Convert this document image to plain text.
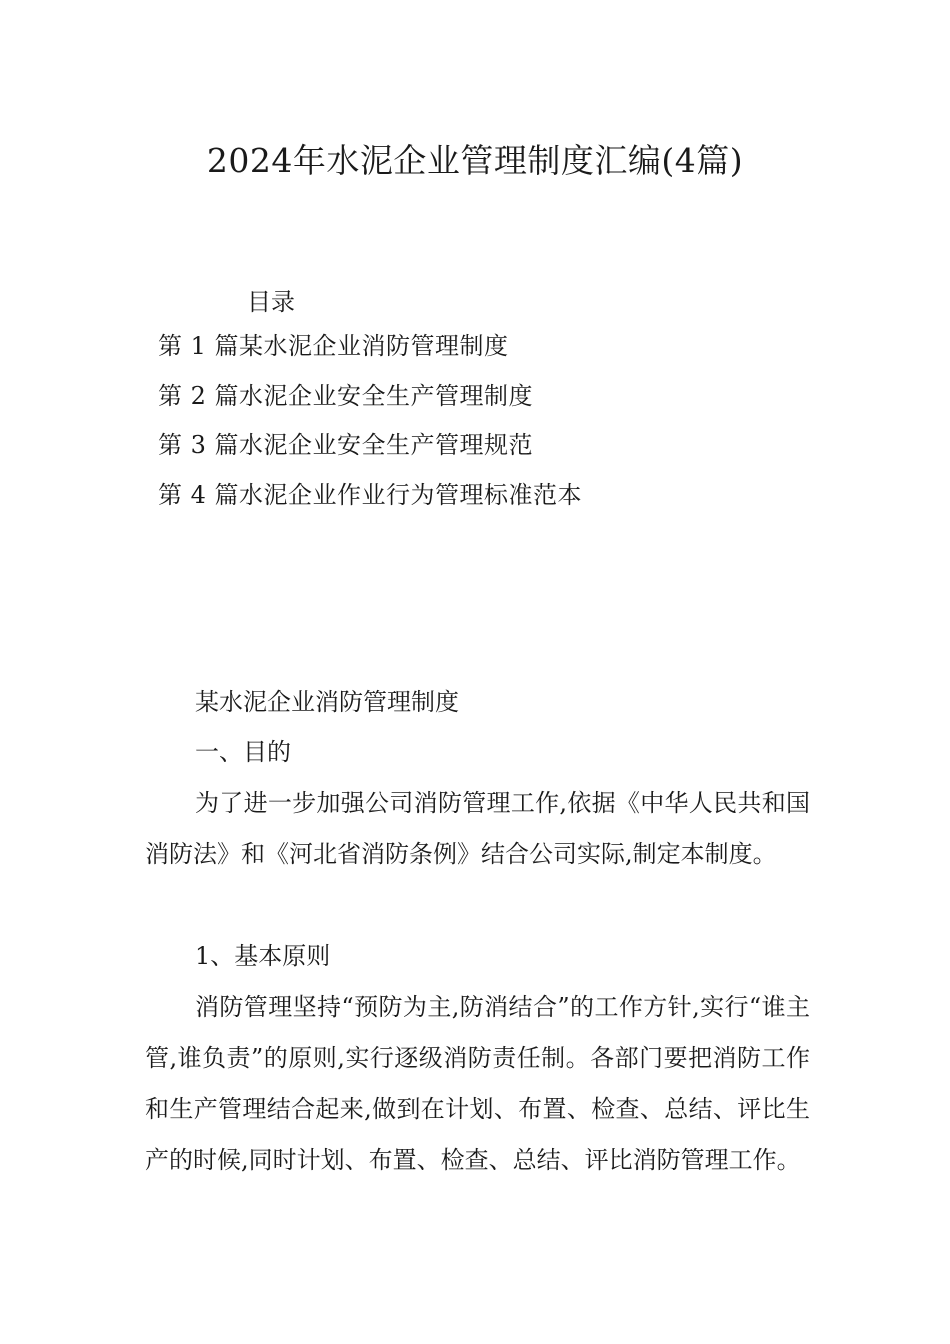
2024年水泥企业管理制度汇编(4篇)
目录
第 1 篇某水泥企业消防管理制度
第 2 篇水泥企业安全生产管理制度
第 3 篇水泥企业安全生产管理规范
第 4 篇水泥企业作业行为管理标准范本

某水泥企业消防管理制度

一、目的

为了进一步加强公司消防管理工作,依据《中华人民共和国消防法》和《河北省消防条例》结合公司实际,制定本制度。

1、基本原则

消防管理坚持“预防为主,防消结合”的工作方针,实行“谁主管,谁负责”的原则,实行逐级消防责任制。各部门要把消防工作和生产管理结合起来,做到在计划、布置、检查、总结、评比生产的时候,同时计划、布置、检查、总结、评比消防管理工作。
